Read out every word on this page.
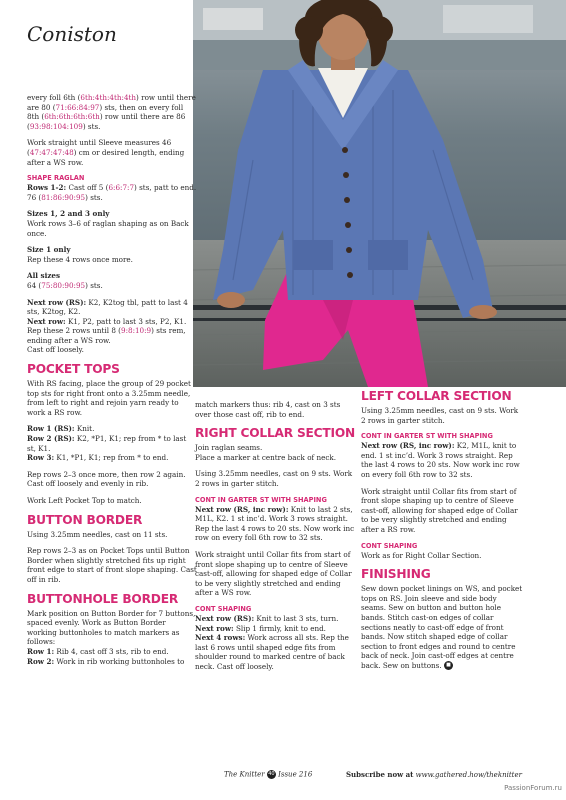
Coniston

every foll 6th (6th:4th:4th:4th) row until there are 80 (71:66:84:97) sts, then on every foll 8th (6th:6th:6th:6th) row until there are 86 (93:98:104:109) sts.

Work straight until Sleeve measures 46 (47:47:47:48) cm or desired length, ending after a WS row.

SHAPE RAGLAN

Rows 1-2: Cast off 5 (6:6:7:7) sts, patt to end. 76 (81:86:90:95) sts.

Sizes 1, 2 and 3 only

Work rows 3–6 of raglan shaping as on Back once.

Size 1 only

Rep these 4 rows once more.

All sizes

64 (75:80:90:95) sts.

Next row (RS): K2, K2tog tbl, patt to last 4 sts, K2tog, K2.

Next row: K1, P2, patt to last 3 sts, P2, K1. Rep these 2 rows until 8 (9:8:10:9) sts rem, ending after a WS row.

Cast off loosely.

POCKET TOPS

With RS facing, place the group of 29 pocket top sts for right front onto a 3.25mm needle, from left to right and rejoin yarn ready to work a RS row.

Row 1 (RS): Knit.

Row 2 (RS): K2, *P1, K1; rep from * to last st, K1.

Row 3: K1, *P1, K1; rep from * to end.

Rep rows 2–3 once more, then row 2 again. Cast off loosely and evenly in rib.

Work Left Pocket Top to match.

BUTTON BORDER

Using 3.25mm needles, cast on 11 sts.

Rep rows 2–3 as on Pocket Tops until Button Border when slightly stretched fits up right front edge to start of front slope shaping. Cast off in rib.

BUTTONHOLE BORDER

Mark position on Button Border for 7 buttons, spaced evenly. Work as Button Border working buttonholes to match markers as follows:

Row 1: Rib 4, cast off 3 sts, rib to end.

Row 2: Work in rib working buttonholes to

match markers thus: rib 4, cast on 3 sts over those cast off, rib to end.

RIGHT COLLAR SECTION

Join raglan seams.
Place a marker at centre back of neck.

Using 3.25mm needles, cast on 9 sts. Work 2 rows in garter stitch.

CONT IN GARTER ST WITH SHAPING

Next row (RS, inc row): Knit to last 2 sts, M1L, K2. 1 st inc’d. Work 3 rows straight. Rep the last 4 rows to 20 sts. Now work inc row on every foll 6th row to 32 sts.

Work straight until Collar fits from start of front slope shaping up to centre of Sleeve cast-off, allowing for shaped edge of Collar to be very slightly stretched and ending after a WS row.

CONT SHAPING

Next row (RS): Knit to last 3 sts, turn.

Next row: Slip 1 firmly, knit to end.

Next 4 rows: Work across all sts. Rep the last 6 rows until shaped edge fits from shoulder round to marked centre of back neck. Cast off loosely.

LEFT COLLAR SECTION

Using 3.25mm needles, cast on 9 sts. Work 2 rows in garter stitch.

CONT IN GARTER ST WITH SHAPING

Next row (RS, inc row): K2, M1L, knit to end. 1 st inc’d. Work 3 rows straight. Rep the last 4 rows to 20 sts. Now work inc row on every foll 6th row to 32 sts.

Work straight until Collar fits from start of front slope shaping up to centre of Sleeve cast-off, allowing for shaped edge of Collar to be very slightly stretched and ending after a RS row.

CONT SHAPING

Work as for Right Collar Section.

FINISHING

Sew down pocket linings on WS, and pocket tops on RS. Join sleeve and side body seams. Sew on button and button hole bands. Stitch cast-on edges of collar sections neatly to cast-off edge of front bands. Now stitch shaped edge of collar section to front edges and round to centre back of neck. Join cast-off edges at centre back. Sew on buttons. ■

The Knitter 40 Issue 216	Subscribe now at www.gathered.how/theknitter
PassionForum.ru
